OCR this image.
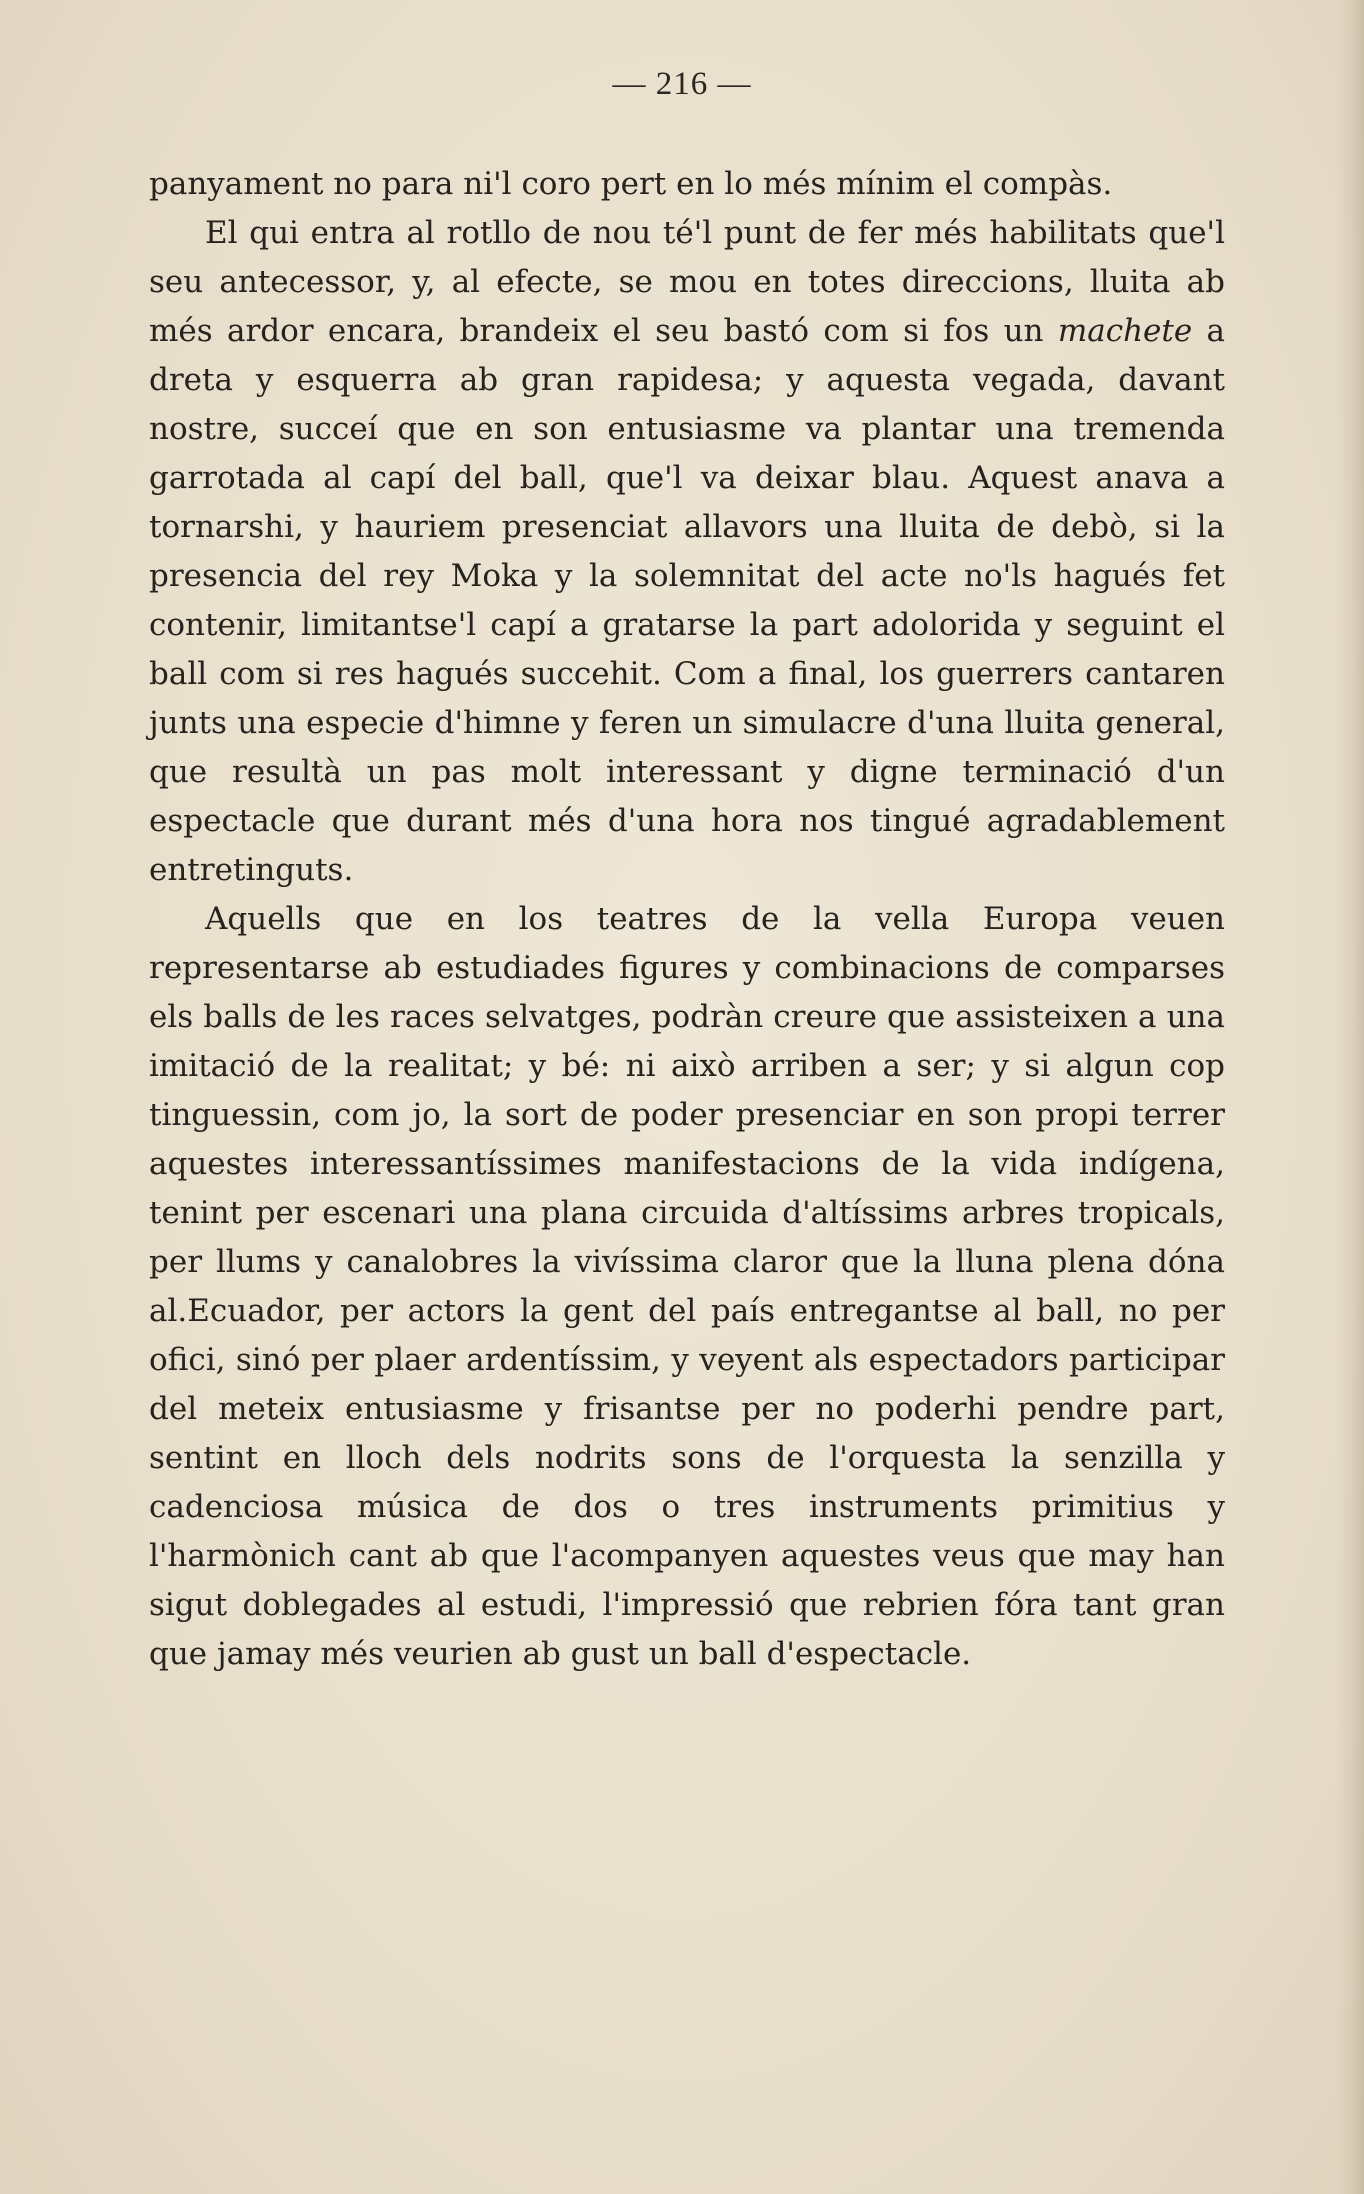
— 216 —

panyament no para ni'l coro pert en lo més mínim el compàs.

El qui entra al rotllo de nou té'l punt de fer més habilitats que'l seu antecessor, y, al efecte, se mou en totes direccions, lluita ab més ardor encara, brandeix el seu bastó com si fos un machete a dreta y esquerra ab gran rapidesa; y aquesta vegada, davant nostre, succeí que en son entusiasme va plantar una tremenda garrotada al capí del ball, que'l va deixar blau. Aquest anava a tornarshi, y hauriem presenciat allavors una lluita de debò, si la presencia del rey Moka y la solemnitat del acte no'ls hagués fet contenir, limitantse'l capí a gratarse la part adolorida y seguint el ball com si res hagués succehit. Com a final, los guerrers cantaren junts una especie d'himne y feren un simulacre d'una lluita general, que resultà un pas molt interessant y digne terminació d'un espectacle que durant més d'una hora nos tingué agradablement entretinguts.

Aquells que en los teatres de la vella Europa veuen representarse ab estudiades figures y combinacions de comparses els balls de les races selvatges, podràn creure que assisteixen a una imitació de la realitat; y bé: ni això arriben a ser; y si algun cop tinguessin, com jo, la sort de poder presenciar en son propi terrer aquestes interessantíssimes manifestacions de la vida indígena, tenint per escenari una plana circuida d'altíssims arbres tropicals, per llums y canalobres la vivíssima claror que la lluna plena dóna al.Ecuador, per actors la gent del país entregantse al ball, no per ofici, sinó per plaer ardentíssim, y veyent als espectadors participar del meteix entusiasme y frisantse per no poderhi pendre part, sentint en lloch dels nodrits sons de l'orquesta la senzilla y cadenciosa música de dos o tres instruments primitius y l'harmònich cant ab que l'acompanyen aquestes veus que may han sigut doblegades al estudi, l'impressió que rebrien fóra tant gran que jamay més veurien ab gust un ball d'espectacle.
